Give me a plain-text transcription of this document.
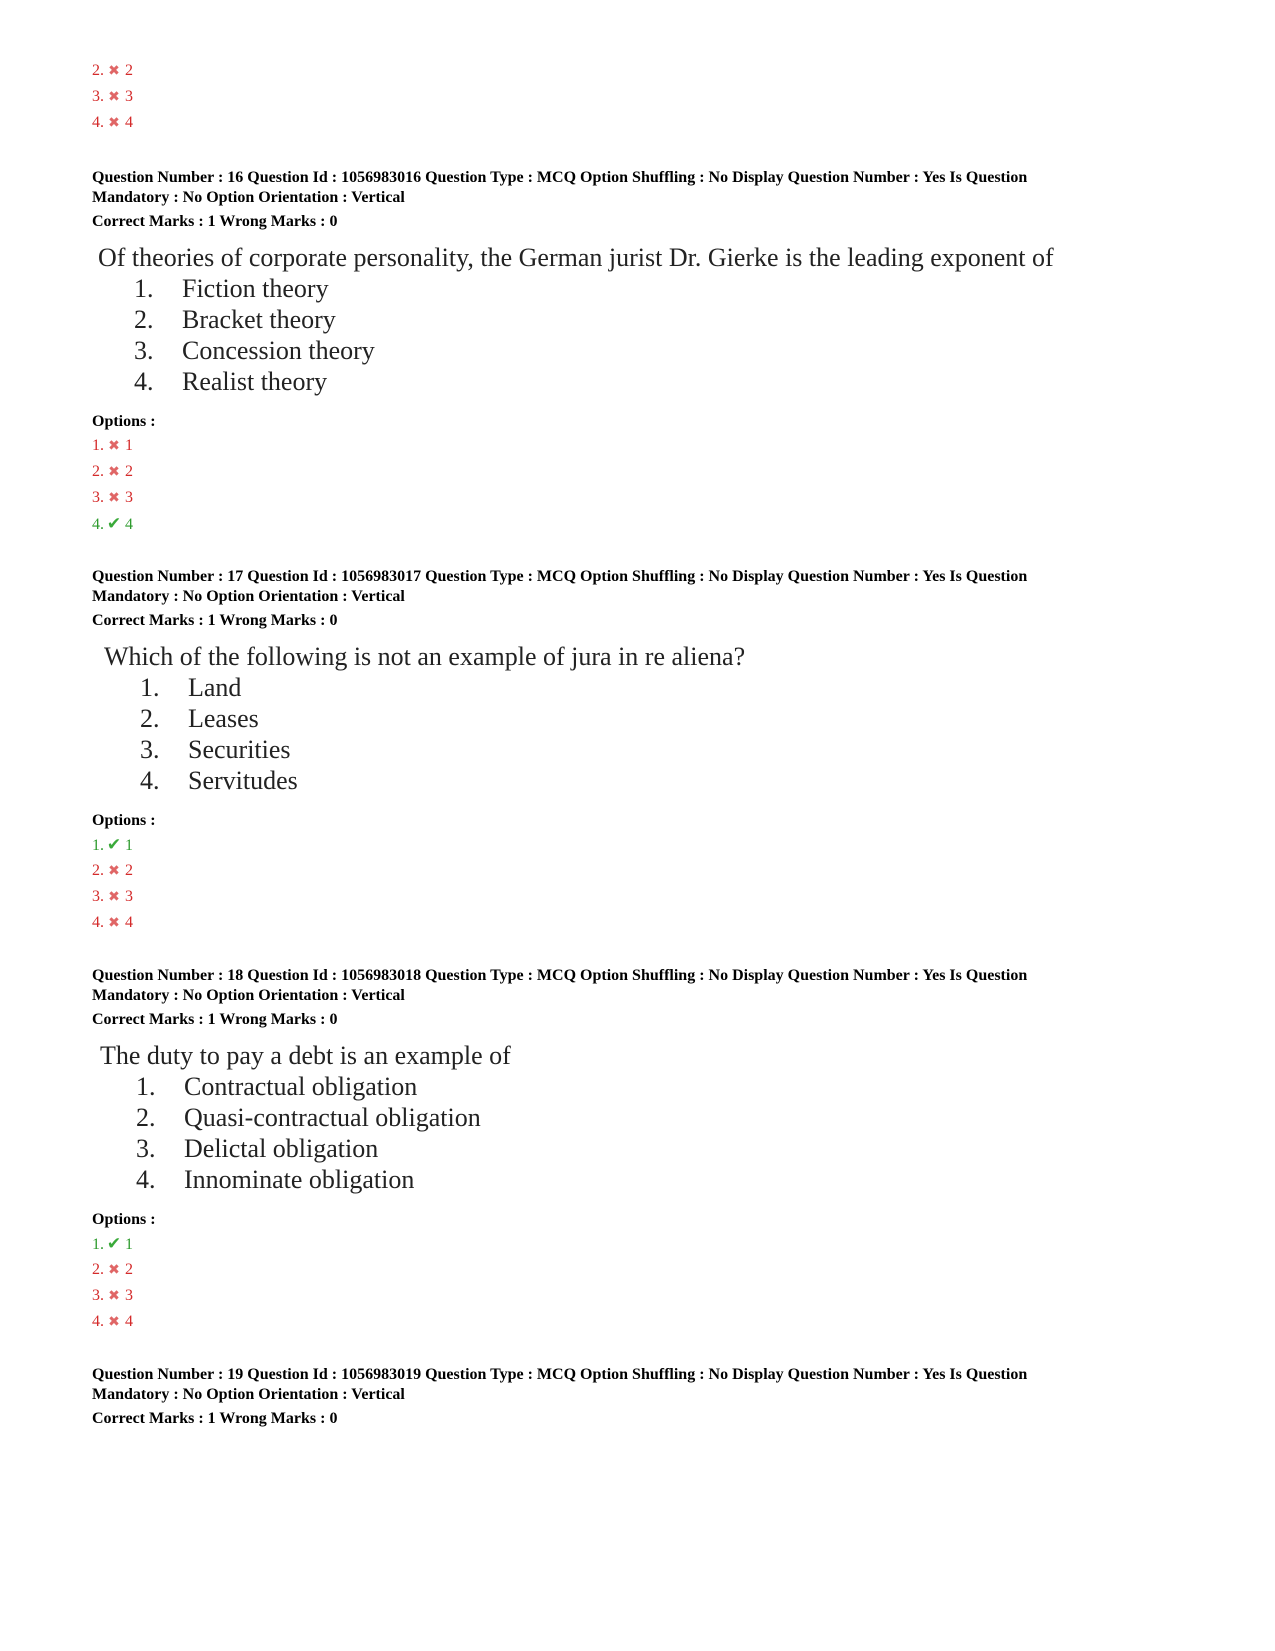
2. ✖ 2
3. ✖ 3
4. ✖ 4
Question Number : 16 Question Id : 1056983016 Question Type : MCQ Option Shuffling : No Display Question Number : Yes Is Question
Mandatory : No Option Orientation : Vertical
Correct Marks : 1 Wrong Marks : 0
Of theories of corporate personality, the German jurist Dr. Gierke is the leading exponent of
1.	Fiction theory
2.	Bracket theory
3.	Concession theory
4.	Realist theory
Options :
1. ✖ 1
2. ✖ 2
3. ✖ 3
4. ✔ 4
Question Number : 17 Question Id : 1056983017 Question Type : MCQ Option Shuffling : No Display Question Number : Yes Is Question
Mandatory : No Option Orientation : Vertical
Correct Marks : 1 Wrong Marks : 0
Which of the following is not an example of jura in re aliena?
1.	Land
2.	Leases
3.	Securities
4.	Servitudes
Options :
1. ✔ 1
2. ✖ 2
3. ✖ 3
4. ✖ 4
Question Number : 18 Question Id : 1056983018 Question Type : MCQ Option Shuffling : No Display Question Number : Yes Is Question
Mandatory : No Option Orientation : Vertical
Correct Marks : 1 Wrong Marks : 0
The duty to pay a debt is an example of
1.	Contractual obligation
2.	Quasi-contractual obligation
3.	Delictal obligation
4.	Innominate obligation
Options :
1. ✔ 1
2. ✖ 2
3. ✖ 3
4. ✖ 4
Question Number : 19 Question Id : 1056983019 Question Type : MCQ Option Shuffling : No Display Question Number : Yes Is Question
Mandatory : No Option Orientation : Vertical
Correct Marks : 1 Wrong Marks : 0
